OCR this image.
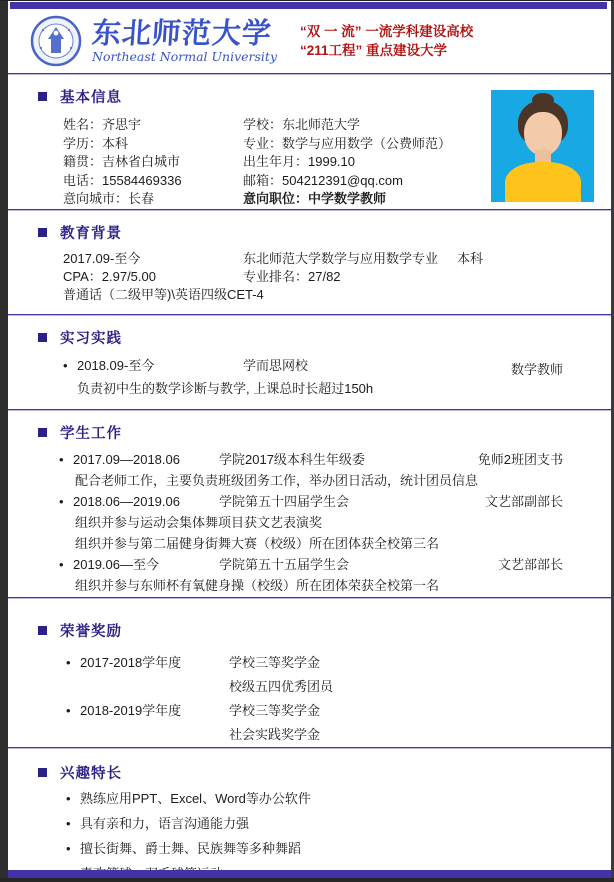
东北师范大学
Northeast Normal University
“双 一 流” 一流学科建设高校
“211工程” 重点建设大学
基本信息
姓名：齐思宇	学校：东北师范大学
学历：本科	专业：数学与应用数学（公费师范）
籍贯：吉林省白城市	出生年月：1999.10
电话：15584469336	邮箱：504212391@qq.com
意向城市：长春	意向职位：中学数学教师
教育背景
2017.09-至今	东北师范大学数学与应用数学专业	本科
CPA：2.97/5.00	专业排名：27/82
普通话（二级甲等)\英语四级CET-4
实习实践
• 2018.09-至今	学而思网校	数学教师
负责初中生的数学诊断与教学, 上课总时长超过150h
学生工作
• 2017.09—2018.06	学院2017级本科生年级委	免师2班团支书
配合老师工作，主要负责班级团务工作，举办团日活动，统计团员信息
• 2018.06—2019.06	学院第五十四届学生会	文艺部副部长
组织并参与运动会集体舞项目获文艺表演奖
组织并参与第二届健身街舞大赛（校级）所在团体获全校第三名
• 2019.06—至今	学院第五十五届学生会	文艺部部长
组织并参与东师杯有氧健身操（校级）所在团体荣获全校第一名
荣誉奖励
• 2017-2018学年度	学校三等奖学金
校级五四优秀团员
• 2018-2019学年度	学校三等奖学金
社会实践奖学金
兴趣特长
• 熟练应用PPT、Excel、Word等办公软件
• 具有亲和力，语言沟通能力强
• 擅长街舞、爵士舞、民族舞等多种舞蹈
